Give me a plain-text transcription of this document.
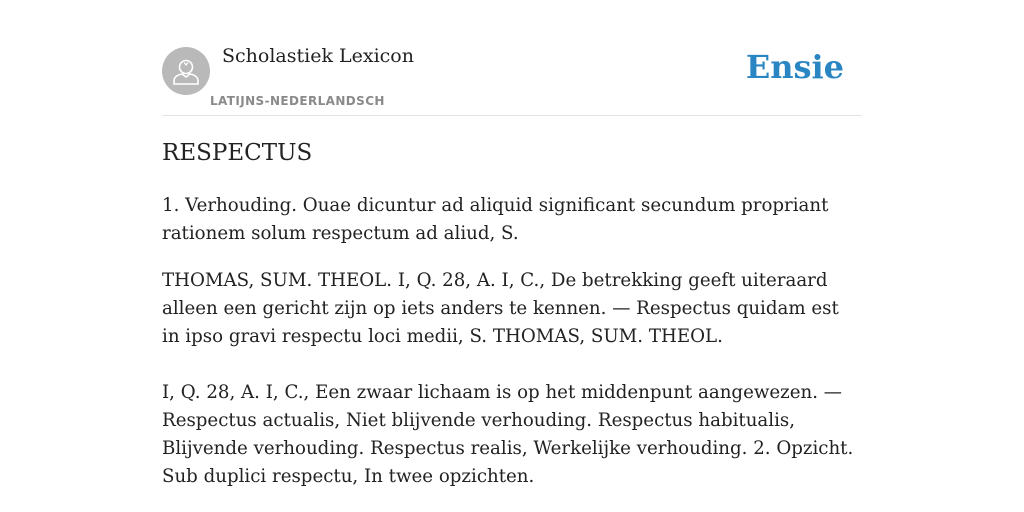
Scholastiek Lexicon
LATIJNS-NEDERLANDSCH
Ensie
RESPECTUS

1. Verhouding. Ouae dicuntur ad aliquid significant secundum propriant rationem solum respectum ad aliud, S.

THOMAS, SUM. THEOL. I, Q. 28, A. I, C., De betrekking geeft uiteraard alleen een gericht zijn op iets anders te kennen. — Respectus quidam est in ipso gravi respectu loci medii, S. THOMAS, SUM. THEOL.

I, Q. 28, A. I, C., Een zwaar lichaam is op het middenpunt aangewezen. — Respectus actualis, Niet blijvende verhouding. Respectus habitualis, Blijvende verhouding. Respectus realis, Werkelijke verhouding. 2. Opzicht. Sub duplici respectu, In twee opzichten.
